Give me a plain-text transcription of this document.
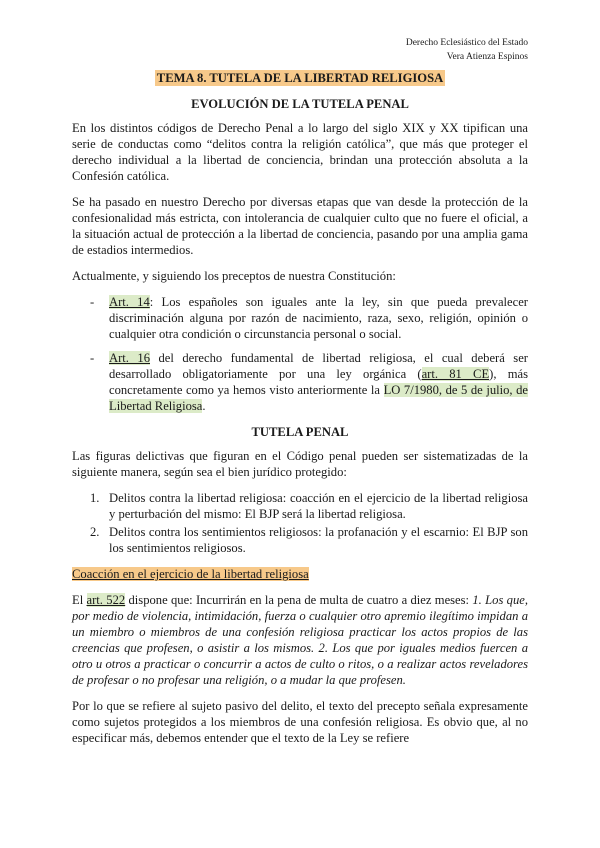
Derecho Eclesiástico del Estado
Vera Atienza Espinos
TEMA 8. TUTELA DE LA LIBERTAD RELIGIOSA
EVOLUCIÓN DE LA TUTELA PENAL

En los distintos códigos de Derecho Penal a lo largo del siglo XIX y XX tipifican una serie de conductas como “delitos contra la religión católica”, que más que proteger el derecho individual a la libertad de conciencia, brindan una protección absoluta a la Confesión católica.

Se ha pasado en nuestro Derecho por diversas etapas que van desde la protección de la confesionalidad más estricta, con intolerancia de cualquier culto que no fuere el oficial, a la situación actual de protección a la libertad de conciencia, pasando por una amplia gama de estadios intermedios.

Actualmente, y siguiendo los preceptos de nuestra Constitución:

- Art. 14: Los españoles son iguales ante la ley, sin que pueda prevalecer discriminación alguna por razón de nacimiento, raza, sexo, religión, opinión o cualquier otra condición o circunstancia personal o social.
- Art. 16 del derecho fundamental de libertad religiosa, el cual deberá ser desarrollado obligatoriamente por una ley orgánica (art. 81 CE), más concretamente como ya hemos visto anteriormente la LO 7/1980, de 5 de julio, de Libertad Religiosa.
TUTELA PENAL

Las figuras delictivas que figuran en el Código penal pueden ser sistematizadas de la siguiente manera, según sea el bien jurídico protegido:

1. Delitos contra la libertad religiosa: coacción en el ejercicio de la libertad religiosa y perturbación del mismo: El BJP será la libertad religiosa.
2. Delitos contra los sentimientos religiosos: la profanación y el escarnio: El BJP son los sentimientos religiosos.
Coacción en el ejercicio de la libertad religiosa

El art. 522 dispone que: Incurrirán en la pena de multa de cuatro a diez meses: 1. Los que, por medio de violencia, intimidación, fuerza o cualquier otro apremio ilegítimo impidan a un miembro o miembros de una confesión religiosa practicar los actos propios de las creencias que profesen, o asistir a los mismos. 2. Los que por iguales medios fuercen a otro u otros a practicar o concurrir a actos de culto o ritos, o a realizar actos reveladores de profesar o no profesar una religión, o a mudar la que profesen.

Por lo que se refiere al sujeto pasivo del delito, el texto del precepto señala expresamente como sujetos protegidos a los miembros de una confesión religiosa. Es obvio que, al no especificar más, debemos entender que el texto de la Ley se refiere
